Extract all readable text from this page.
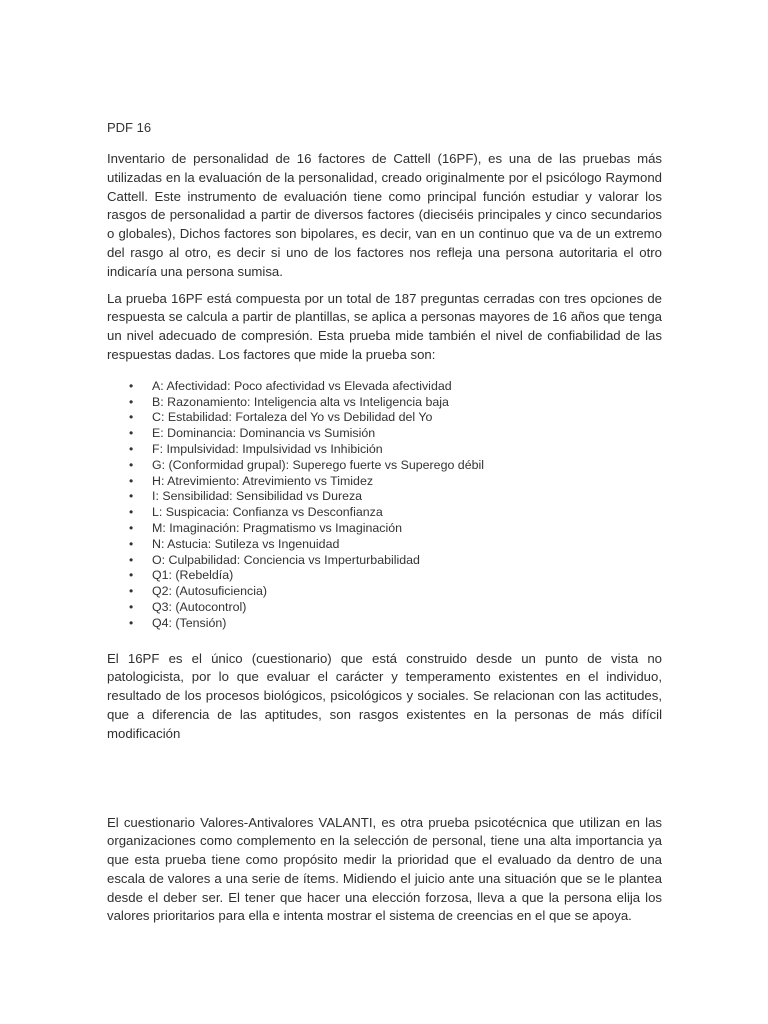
PDF 16

Inventario de personalidad de 16 factores de Cattell (16PF), es una de las pruebas más utilizadas en la evaluación de la personalidad, creado originalmente por el psicólogo Raymond Cattell. Este instrumento de evaluación tiene como principal función estudiar y valorar los rasgos de personalidad a partir de diversos factores (dieciséis principales y cinco secundarios o globales), Dichos factores son bipolares, es decir, van en un continuo que va de un extremo del rasgo al otro, es decir si uno de los factores nos refleja una persona autoritaria el otro indicaría una persona sumisa.

La prueba 16PF está compuesta por un total de 187 preguntas cerradas con tres opciones de respuesta se calcula a partir de plantillas, se aplica a personas mayores de 16 años que tenga un nivel adecuado de compresión. Esta prueba mide también el nivel de confiabilidad de las respuestas dadas. Los factores que mide la prueba son:

• A: Afectividad: Poco afectividad vs Elevada afectividad
• B: Razonamiento: Inteligencia alta vs Inteligencia baja
• C: Estabilidad: Fortaleza del Yo vs Debilidad del Yo
• E: Dominancia: Dominancia vs Sumisión
• F: Impulsividad: Impulsividad vs Inhibición
• G: (Conformidad grupal): Superego fuerte vs Superego débil
• H: Atrevimiento: Atrevimiento vs Timidez
• I: Sensibilidad: Sensibilidad vs Dureza
• L: Suspicacia: Confianza vs Desconfianza
• M: Imaginación: Pragmatismo vs Imaginación
• N: Astucia: Sutileza vs Ingenuidad
• O: Culpabilidad: Conciencia vs Imperturbabilidad
• Q1: (Rebeldía)
• Q2: (Autosuficiencia)
• Q3: (Autocontrol)
• Q4: (Tensión)

El 16PF es el único (cuestionario) que está construido desde un punto de vista no patologicista, por lo que evaluar el carácter y temperamento existentes en el individuo, resultado de los procesos biológicos, psicológicos y sociales. Se relacionan con las actitudes, que a diferencia de las aptitudes, son rasgos existentes en la personas de más difícil modificación

El cuestionario Valores-Antivalores VALANTI, es otra prueba psicotécnica que utilizan en las organizaciones como complemento en la selección de personal, tiene una alta importancia ya que esta prueba tiene como propósito medir la prioridad que el evaluado da dentro de una escala de valores a una serie de ítems. Midiendo el juicio ante una situación que se le plantea desde el deber ser. El tener que hacer una elección forzosa, lleva a que la persona elija los valores prioritarios para ella e intenta mostrar el sistema de creencias en el que se apoya.
